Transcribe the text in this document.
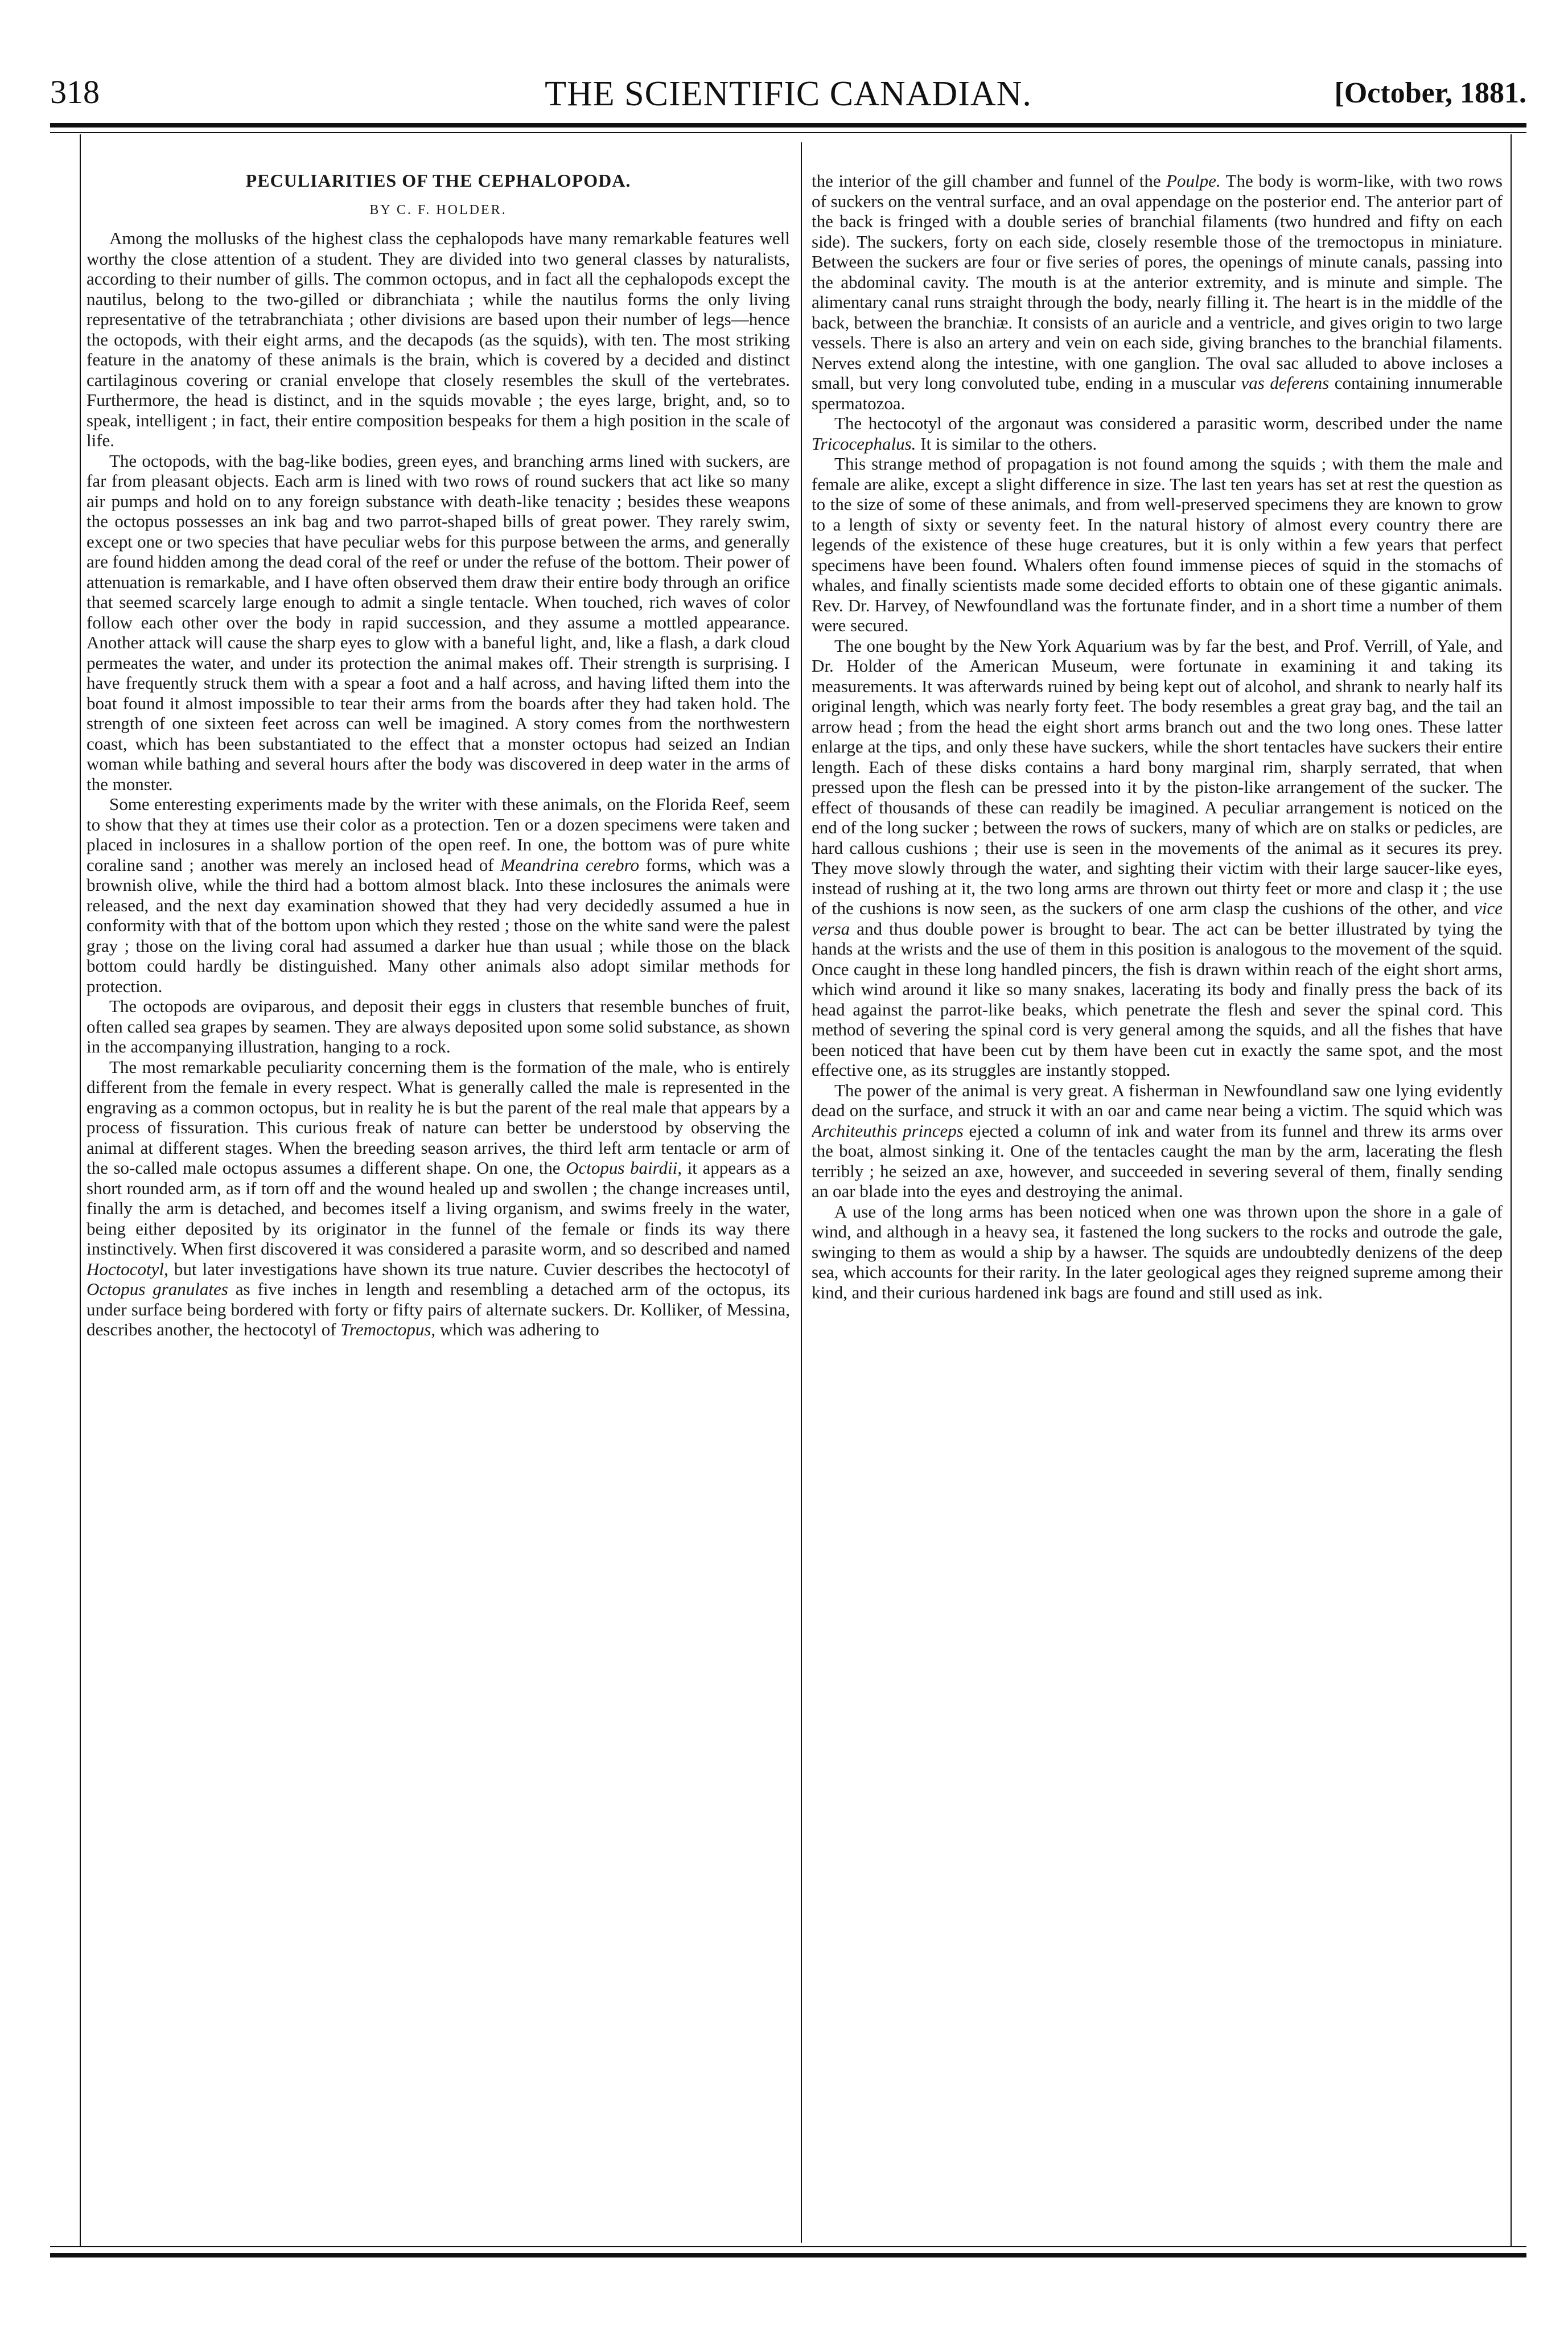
318	THE SCIENTIFIC CANADIAN.	[October, 1881.
PECULIARITIES OF THE CEPHALOPODA.
BY C. F. HOLDER.

Among the mollusks of the highest class the cephalopods have many remarkable features well worthy the close attention of a student. They are divided into two general classes by naturalists, according to their number of gills. The common octopus, and in fact all the cephalopods except the nautilus, belong to the two-gilled or dibranchiata ; while the nautilus forms the only living representative of the tetrabranchiata ; other divisions are based upon their number of legs—hence the octopods, with their eight arms, and the decapods (as the squids), with ten. The most striking feature in the anatomy of these animals is the brain, which is covered by a decided and distinct cartilaginous covering or cranial envelope that closely resembles the skull of the vertebrates. Furthermore, the head is distinct, and in the squids movable ; the eyes large, bright, and, so to speak, intelligent ; in fact, their entire composition bespeaks for them a high position in the scale of life.

The octopods, with the bag-like bodies, green eyes, and branching arms lined with suckers, are far from pleasant objects. Each arm is lined with two rows of round suckers that act like so many air pumps and hold on to any foreign substance with death-like tenacity ; besides these weapons the octopus possesses an ink bag and two parrot-shaped bills of great power. They rarely swim, except one or two species that have peculiar webs for this purpose between the arms, and generally are found hidden among the dead coral of the reef or under the refuse of the bottom. Their power of attenuation is remarkable, and I have often observed them draw their entire body through an orifice that seemed scarcely large enough to admit a single tentacle. When touched, rich waves of color follow each other over the body in rapid succession, and they assume a mottled appearance. Another attack will cause the sharp eyes to glow with a baneful light, and, like a flash, a dark cloud permeates the water, and under its protection the animal makes off. Their strength is surprising. I have frequently struck them with a spear a foot and a half across, and having lifted them into the boat found it almost impossible to tear their arms from the boards after they had taken hold. The strength of one sixteen feet across can well be imagined. A story comes from the northwestern coast, which has been substantiated to the effect that a monster octopus had seized an Indian woman while bathing and several hours after the body was discovered in deep water in the arms of the monster.

Some enteresting experiments made by the writer with these animals, on the Florida Reef, seem to show that they at times use their color as a protection. Ten or a dozen specimens were taken and placed in inclosures in a shallow portion of the open reef. In one, the bottom was of pure white coraline sand ; another was merely an inclosed head of Meandrina cerebro forms, which was a brownish olive, while the third had a bottom almost black. Into these inclosures the animals were released, and the next day examination showed that they had very decidedly assumed a hue in conformity with that of the bottom upon which they rested ; those on the white sand were the palest gray ; those on the living coral had assumed a darker hue than usual ; while those on the black bottom could hardly be distinguished. Many other animals also adopt similar methods for protection.

The octopods are oviparous, and deposit their eggs in clusters that resemble bunches of fruit, often called sea grapes by seamen. They are always deposited upon some solid substance, as shown in the accompanying illustration, hanging to a rock.

The most remarkable peculiarity concerning them is the formation of the male, who is entirely different from the female in every respect. What is generally called the male is represented in the engraving as a common octopus, but in reality he is but the parent of the real male that appears by a process of fissuration. This curious freak of nature can better be understood by observing the animal at different stages. When the breeding season arrives, the third left arm tentacle or arm of the so-called male octopus assumes a different shape. On one, the Octopus bairdii, it appears as a short rounded arm, as if torn off and the wound healed up and swollen ; the change increases until, finally the arm is detached, and becomes itself a living organism, and swims freely in the water, being either deposited by its originator in the funnel of the female or finds its way there instinctively. When first discovered it was considered a parasite worm, and so described and named Hoctocotyl, but later investigations have shown its true nature. Cuvier describes the hectocotyl of Octopus granulates as five inches in length and resembling a detached arm of the octopus, its under surface being bordered with forty or fifty pairs of alternate suckers. Dr. Kolliker, of Messina, describes another, the hectocotyl of Tremoctopus, which was adhering to

the interior of the gill chamber and funnel of the Poulpe. The body is worm-like, with two rows of suckers on the ventral surface, and an oval appendage on the posterior end. The anterior part of the back is fringed with a double series of branchial filaments (two hundred and fifty on each side). The suckers, forty on each side, closely resemble those of the tremoctopus in miniature. Between the suckers are four or five series of pores, the openings of minute canals, passing into the abdominal cavity. The mouth is at the anterior extremity, and is minute and simple. The alimentary canal runs straight through the body, nearly filling it. The heart is in the middle of the back, between the branchiæ. It consists of an auricle and a ventricle, and gives origin to two large vessels. There is also an artery and vein on each side, giving branches to the branchial filaments. Nerves extend along the intestine, with one ganglion. The oval sac alluded to above incloses a small, but very long convoluted tube, ending in a muscular vas deferens containing innumerable spermatozoa.

The hectocotyl of the argonaut was considered a parasitic worm, described under the name Tricocephalus. It is similar to the others.

This strange method of propagation is not found among the squids ; with them the male and female are alike, except a slight difference in size. The last ten years has set at rest the question as to the size of some of these animals, and from well-preserved specimens they are known to grow to a length of sixty or seventy feet. In the natural history of almost every country there are legends of the existence of these huge creatures, but it is only within a few years that perfect specimens have been found. Whalers often found immense pieces of squid in the stomachs of whales, and finally scientists made some decided efforts to obtain one of these gigantic animals. Rev. Dr. Harvey, of Newfoundland was the fortunate finder, and in a short time a number of them were secured.

The one bought by the New York Aquarium was by far the best, and Prof. Verrill, of Yale, and Dr. Holder of the American Museum, were fortunate in examining it and taking its measurements. It was afterwards ruined by being kept out of alcohol, and shrank to nearly half its original length, which was nearly forty feet. The body resembles a great gray bag, and the tail an arrow head ; from the head the eight short arms branch out and the two long ones. These latter enlarge at the tips, and only these have suckers, while the short tentacles have suckers their entire length. Each of these disks contains a hard bony marginal rim, sharply serrated, that when pressed upon the flesh can be pressed into it by the piston-like arrangement of the sucker. The effect of thousands of these can readily be imagined. A peculiar arrangement is noticed on the end of the long sucker ; between the rows of suckers, many of which are on stalks or pedicles, are hard callous cushions ; their use is seen in the movements of the animal as it secures its prey. They move slowly through the water, and sighting their victim with their large saucer-like eyes, instead of rushing at it, the two long arms are thrown out thirty feet or more and clasp it ; the use of the cushions is now seen, as the suckers of one arm clasp the cushions of the other, and vice versa and thus double power is brought to bear. The act can be better illustrated by tying the hands at the wrists and the use of them in this position is analogous to the movement of the squid. Once caught in these long handled pincers, the fish is drawn within reach of the eight short arms, which wind around it like so many snakes, lacerating its body and finally press the back of its head against the parrot-like beaks, which penetrate the flesh and sever the spinal cord. This method of severing the spinal cord is very general among the squids, and all the fishes that have been noticed that have been cut by them have been cut in exactly the same spot, and the most effective one, as its struggles are instantly stopped.

The power of the animal is very great. A fisherman in Newfoundland saw one lying evidently dead on the surface, and struck it with an oar and came near being a victim. The squid which was Architeuthis princeps ejected a column of ink and water from its funnel and threw its arms over the boat, almost sinking it. One of the tentacles caught the man by the arm, lacerating the flesh terribly ; he seized an axe, however, and succeeded in severing several of them, finally sending an oar blade into the eyes and destroying the animal.

A use of the long arms has been noticed when one was thrown upon the shore in a gale of wind, and although in a heavy sea, it fastened the long suckers to the rocks and outrode the gale, swinging to them as would a ship by a hawser. The squids are undoubtedly denizens of the deep sea, which accounts for their rarity. In the later geological ages they reigned supreme among their kind, and their curious hardened ink bags are found and still used as ink.
